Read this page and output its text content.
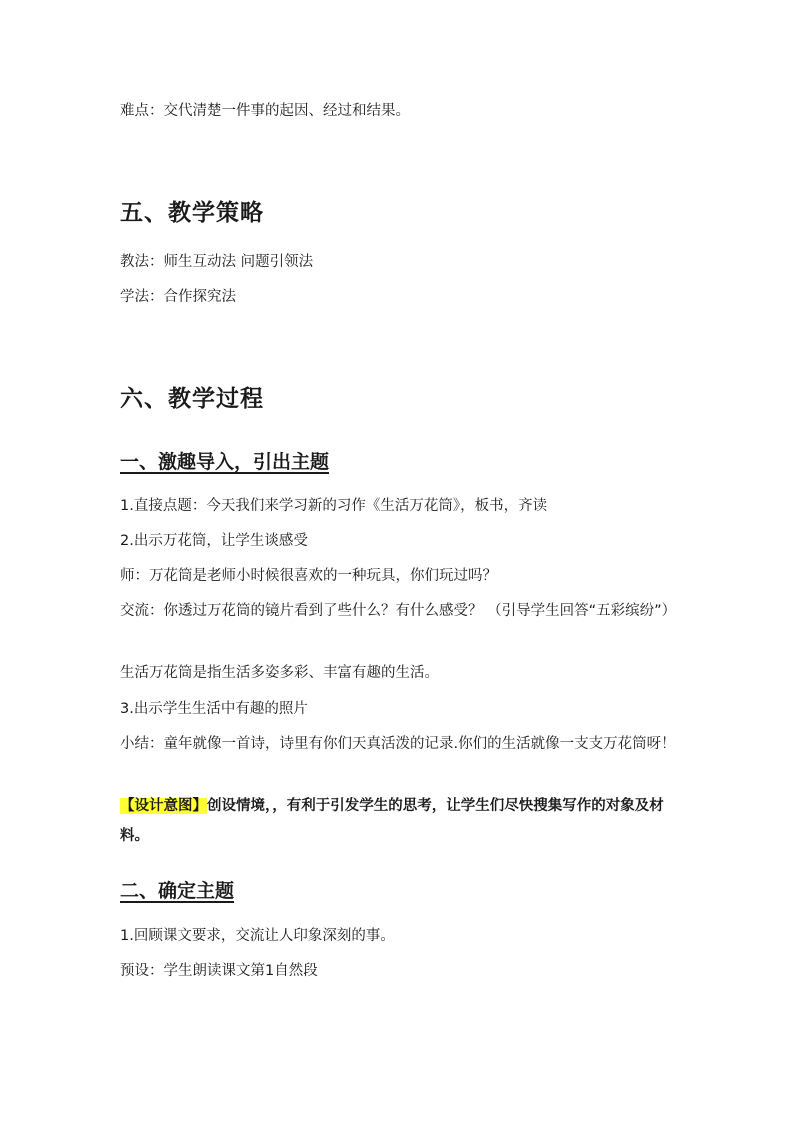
难点：交代清楚一件事的起因、经过和结果。

五、教学策略

教法：师生互动法 问题引领法

学法：合作探究法

六、教学过程
一、激趣导入，引出主题

1.直接点题：今天我们来学习新的习作《生活万花筒》，板书，齐读

2.出示万花筒，让学生谈感受

师：万花筒是老师小时候很喜欢的一种玩具，你们玩过吗？

交流：你透过万花筒的镜片看到了些什么？有什么感受？ （引导学生回答“五彩缤纷”）

生活万花筒是指生活多姿多彩、丰富有趣的生活。

3.出示学生生活中有趣的照片

小结：童年就像一首诗，诗里有你们天真活泼的记录.你们的生活就像一支支万花筒呀！

【设计意图】创设情境，，有利于引发学生的思考，让学生们尽快搜集写作的对象及材料。

二、确定主题

1.回顾课文要求，交流让人印象深刻的事。

预设：学生朗读课文第1自然段
